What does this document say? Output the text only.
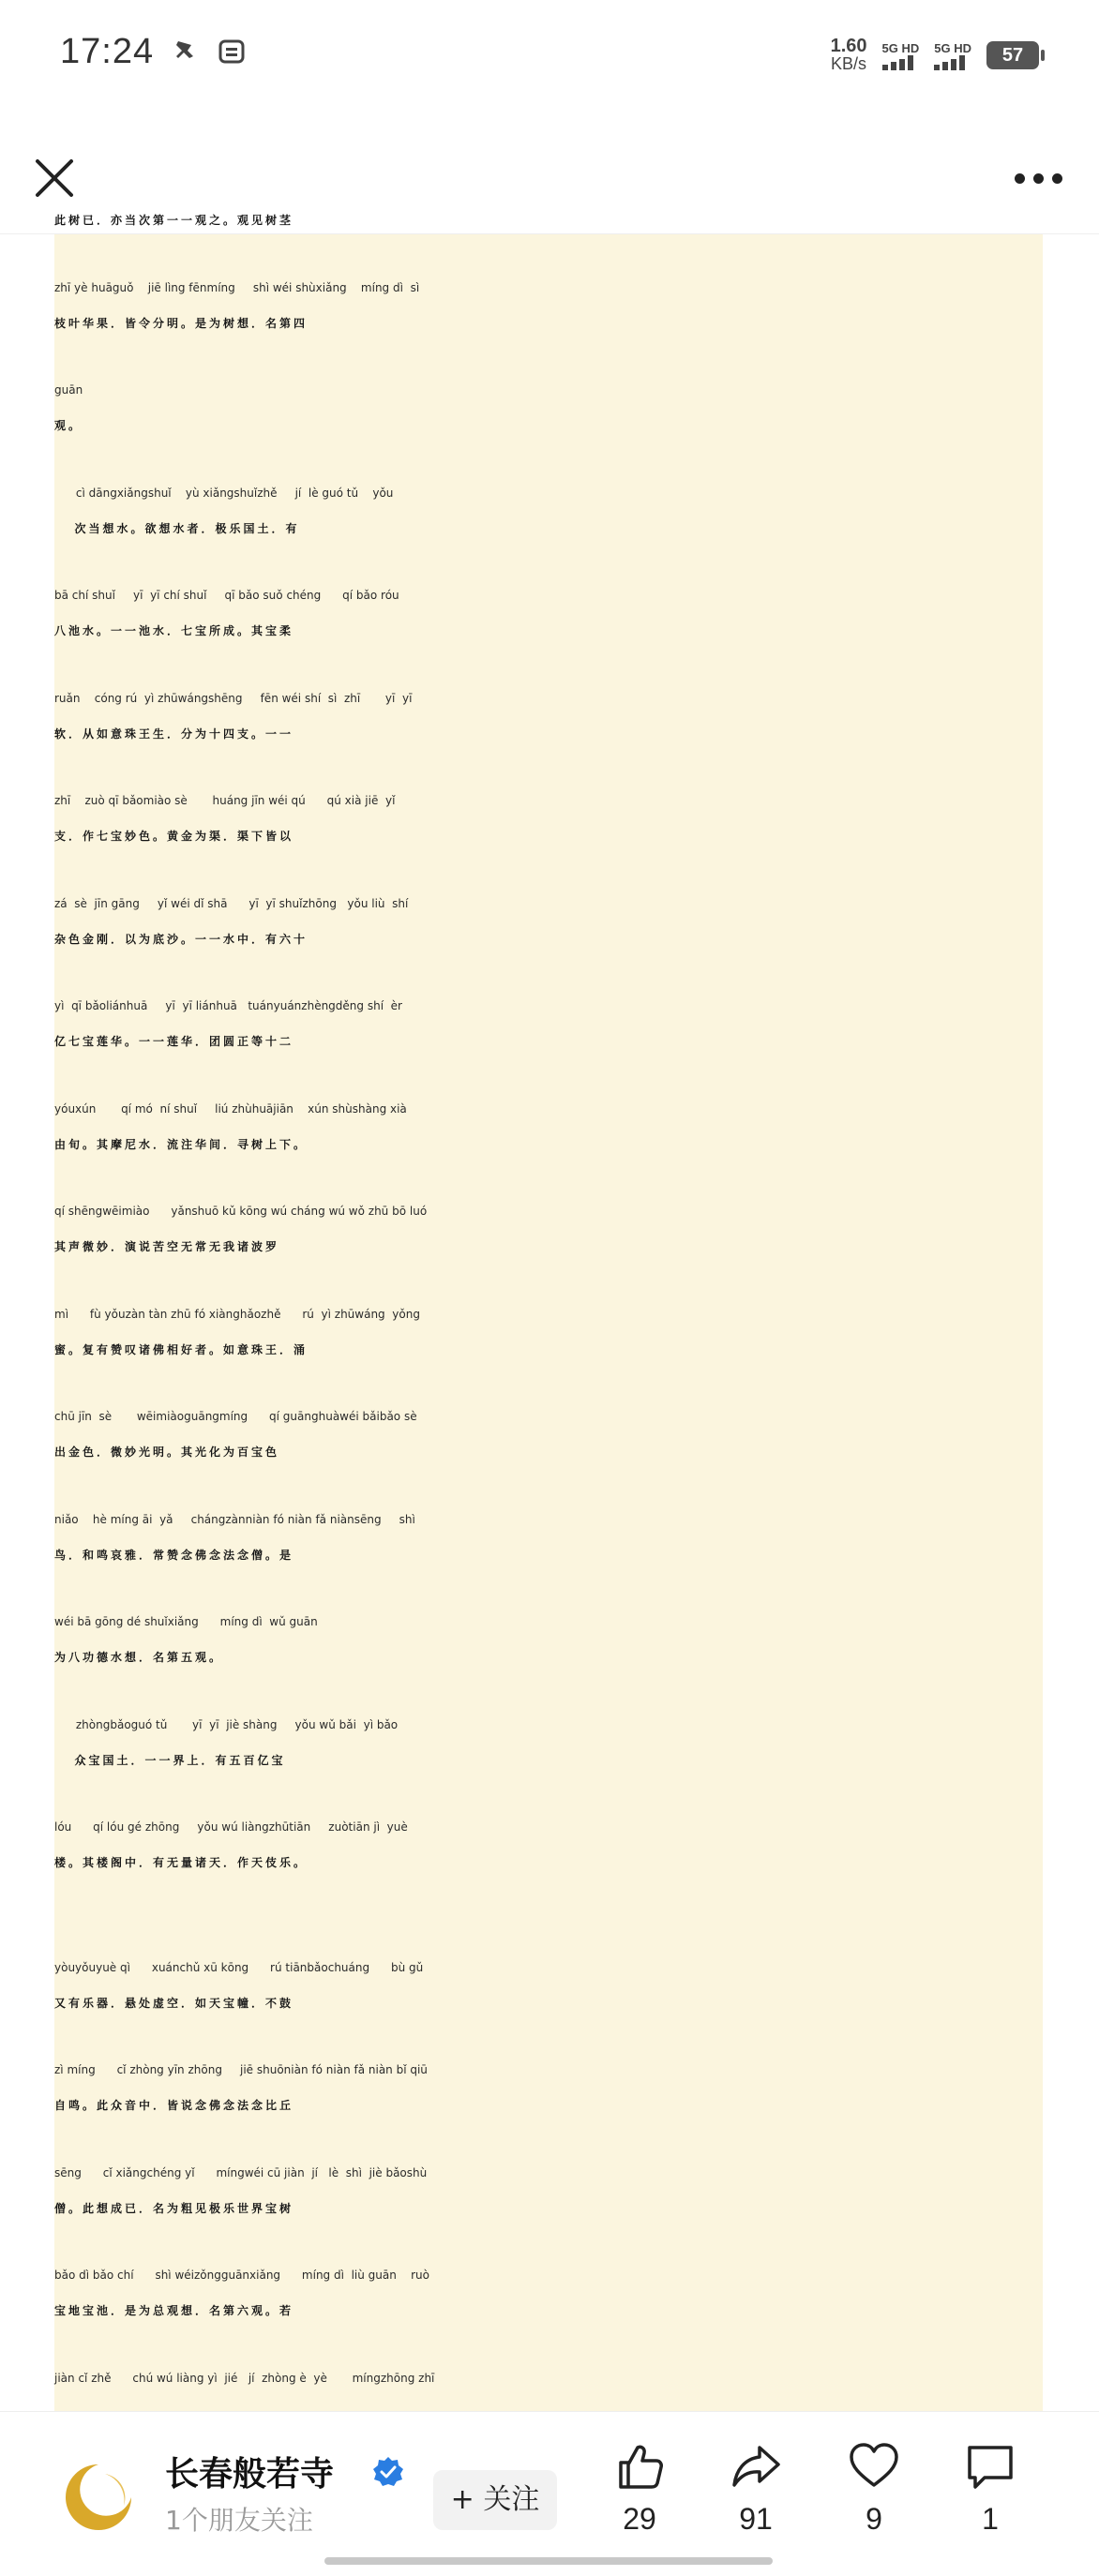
17:24	1.60
KB/s
5G HD 5G HD	57
此树已．亦当次第一一观之。观见树茎
zhī yè huāguǒ    jiē lìng fēnmíng     shì wéi shùxiǎng    míng dì  sì
枝叶华果．皆令分明。是为树想．名第四
guān
观。
cì dāngxiǎngshuǐ    yù xiǎngshuǐzhě     jí  lè guó tǔ    yǒu
次当想水。欲想水者．极乐国土．有
bā chí shuǐ     yī  yī chí shuǐ     qī bǎo suǒ chéng      qí bǎo róu
八池水。一一池水．七宝所成。其宝柔
ruǎn    cóng rú  yì zhūwángshēng     fēn wéi shí  sì  zhī       yī  yī
软．从如意珠王生．分为十四支。一一
zhī    zuò qī bǎomiào sè       huáng jīn wéi qú      qú xià jiē  yǐ
支．作七宝妙色。黄金为渠．渠下皆以
zá  sè  jīn gāng     yǐ wéi dǐ shā      yī  yī shuǐzhōng   yǒu liù  shí
杂色金刚．以为底沙。一一水中．有六十
yì  qī bǎoliánhuā     yī  yī liánhuā   tuányuánzhèngděng shí  èr
亿七宝莲华。一一莲华．团圆正等十二
yóuxún       qí mó  ní shuǐ     liú zhùhuājiān    xún shùshàng xià
由旬。其摩尼水．流注华间．寻树上下。
qí shēngwēimiào      yǎnshuō kǔ kōng wú cháng wú wǒ zhū bō luó
其声微妙．演说苦空无常无我诸波罗
mì      fù yǒuzàn tàn zhū fó xiànghǎozhě      rú  yì zhūwáng  yǒng
蜜。复有赞叹诸佛相好者。如意珠王．涌
chū jīn  sè       wēimiàoguāngmíng      qí guānghuàwéi bǎibǎo sè
出金色．微妙光明。其光化为百宝色
niǎo    hè míng āi  yǎ     chángzànniàn fó niàn fǎ niànsēng     shì
鸟．和鸣哀雅．常赞念佛念法念僧。是
wéi bā gōng dé shuǐxiǎng      míng dì  wǔ guān
为八功德水想．名第五观。
zhòngbǎoguó tǔ       yī  yī  jiè shàng     yǒu wǔ bǎi  yì bǎo
众宝国土．一一界上．有五百亿宝
lóu      qí lóu gé zhōng     yǒu wú liàngzhūtiān     zuòtiān jì  yuè
楼。其楼阁中．有无量诸天．作天伎乐。
yòuyǒuyuè qì      xuánchǔ xū kōng      rú tiānbǎochuáng      bù gǔ
又有乐器．悬处虚空．如天宝幢．不鼓
zì míng      cǐ zhòng yīn zhōng     jiē shuōniàn fó niàn fǎ niàn bǐ qiū
自鸣。此众音中．皆说念佛念法念比丘
sēng      cǐ xiǎngchéng yǐ      míngwéi cū jiàn  jí   lè  shì  jiè bǎoshù
僧。此想成已．名为粗见极乐世界宝树
bǎo dì bǎo chí      shì wéizǒngguānxiǎng      míng dì  liù guān    ruò
宝地宝池．是为总观想．名第六观。若
jiàn cǐ zhě      chú wú liàng yì  jié   jí  zhòng è  yè       míngzhōng zhī
长春般若寺
1个朋友关注
+ 关注
29	91	9	1
